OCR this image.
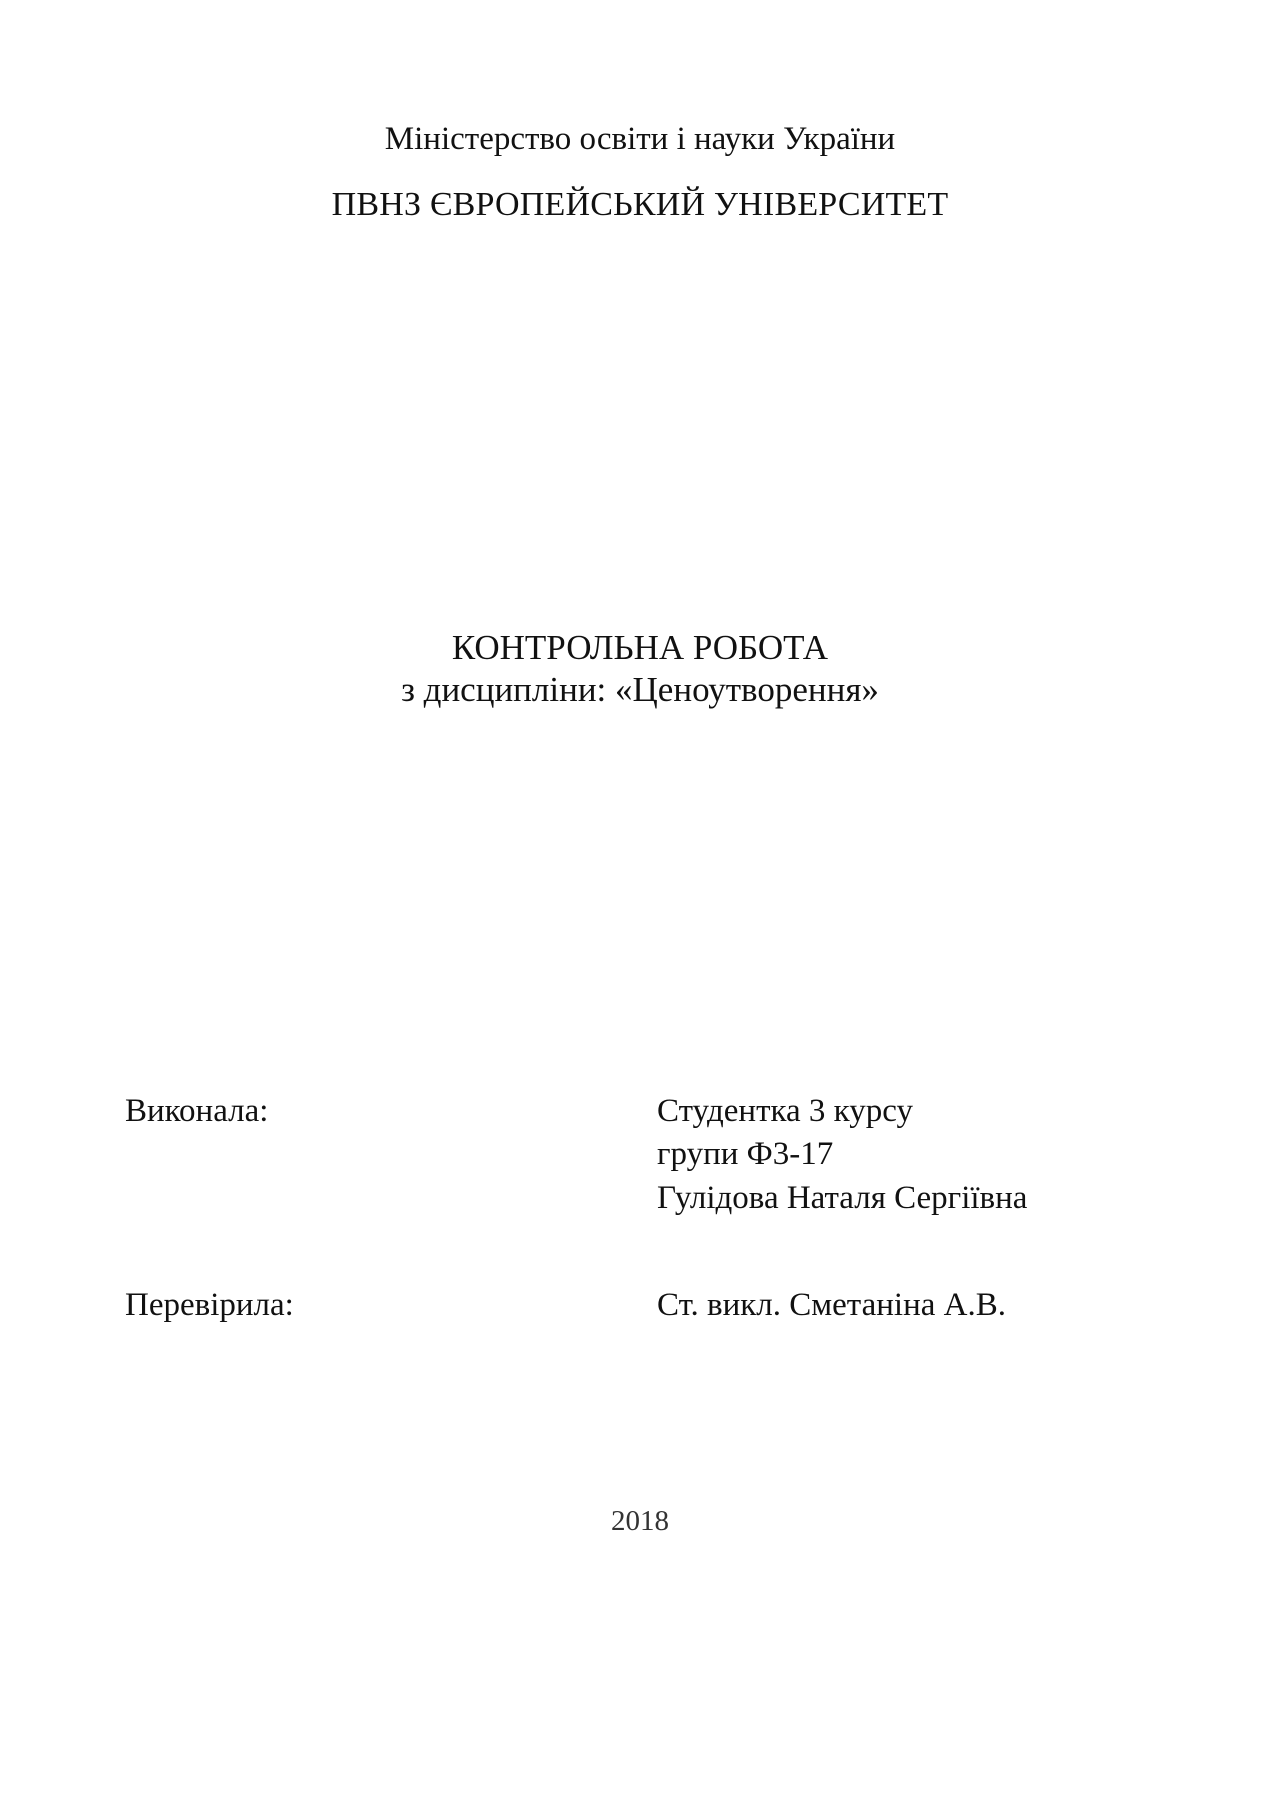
Міністерство освіти і науки України
ПВНЗ ЄВРОПЕЙСЬКИЙ УНІВЕРСИТЕТ
КОНТРОЛЬНА РОБОТА
з дисципліни: «Ценоутворення»
Виконала:	Студентка 3 курсу
групи Ф3-17
Гулідова Наталя Сергіївна
Перевірила:	Ст. викл. Сметаніна А.В.
2018
